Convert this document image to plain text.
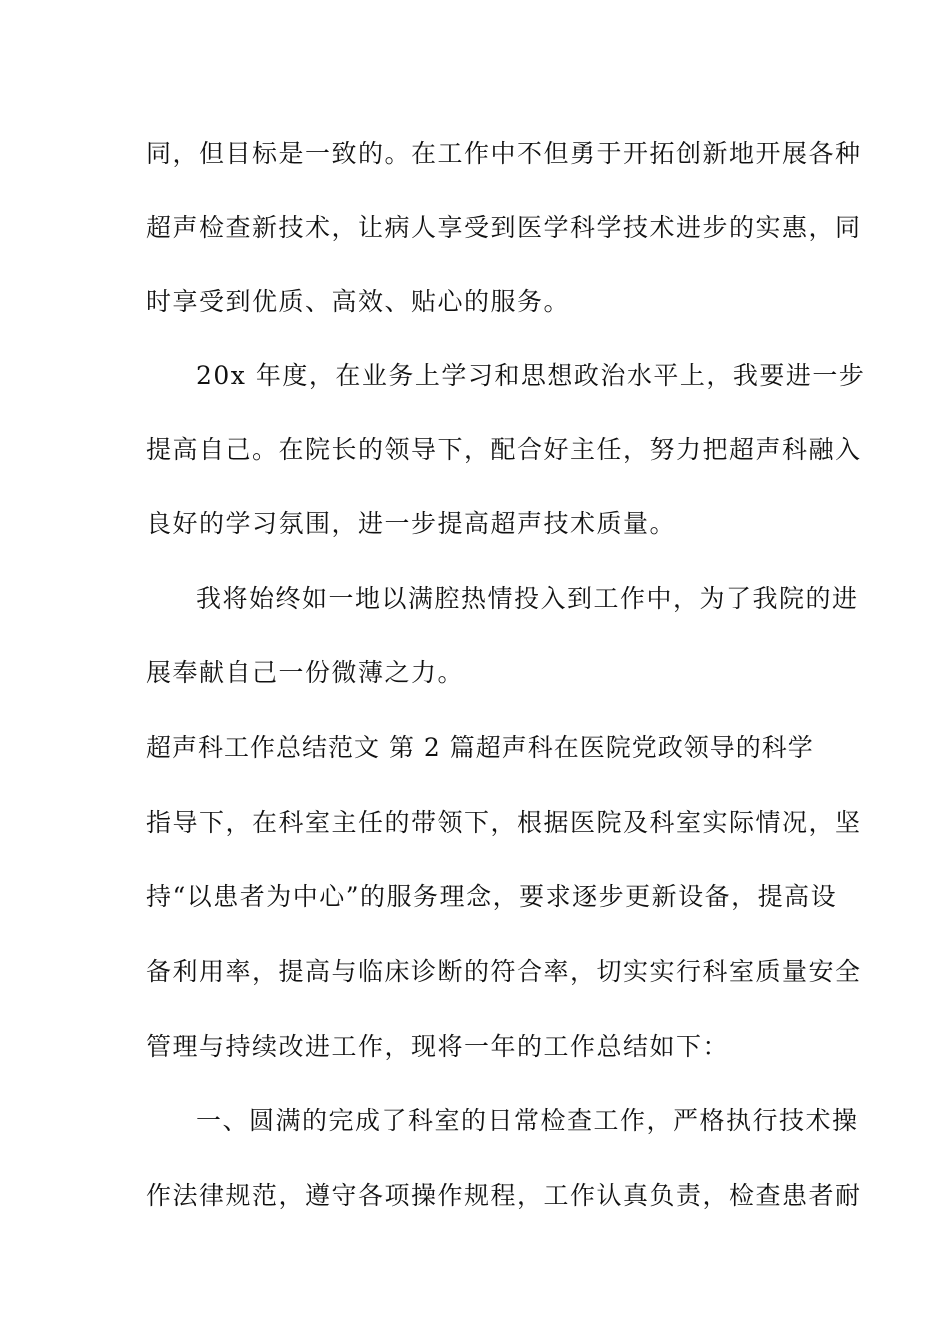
同，但目标是一致的。在工作中不但勇于开拓创新地开展各种
超声检查新技术，让病人享受到医学科学技术进步的实惠，同
时享受到优质、高效、贴心的服务。
20x 年度，在业务上学习和思想政治水平上，我要进一步
提高自己。在院长的领导下，配合好主任，努力把超声科融入
良好的学习氛围，进一步提高超声技术质量。
我将始终如一地以满腔热情投入到工作中，为了我院的进
展奉献自己一份微薄之力。
超声科工作总结范文 第 2 篇 超声科在医院党政领导的科学
指导下，在科室主任的带领下，根据医院及科室实际情况，坚
持“以患者为中心”的服务理念，要求逐步更新设备，提高设
备利用率，提高与临床诊断的符合率，切实实行科室质量安全
管理与持续改进工作，现将一年的工作总结如下：
一、圆满的完成了科室的日常检查工作，严格执行技术操
作法律规范，遵守各项操作规程，工作认真负责，检查患者耐
